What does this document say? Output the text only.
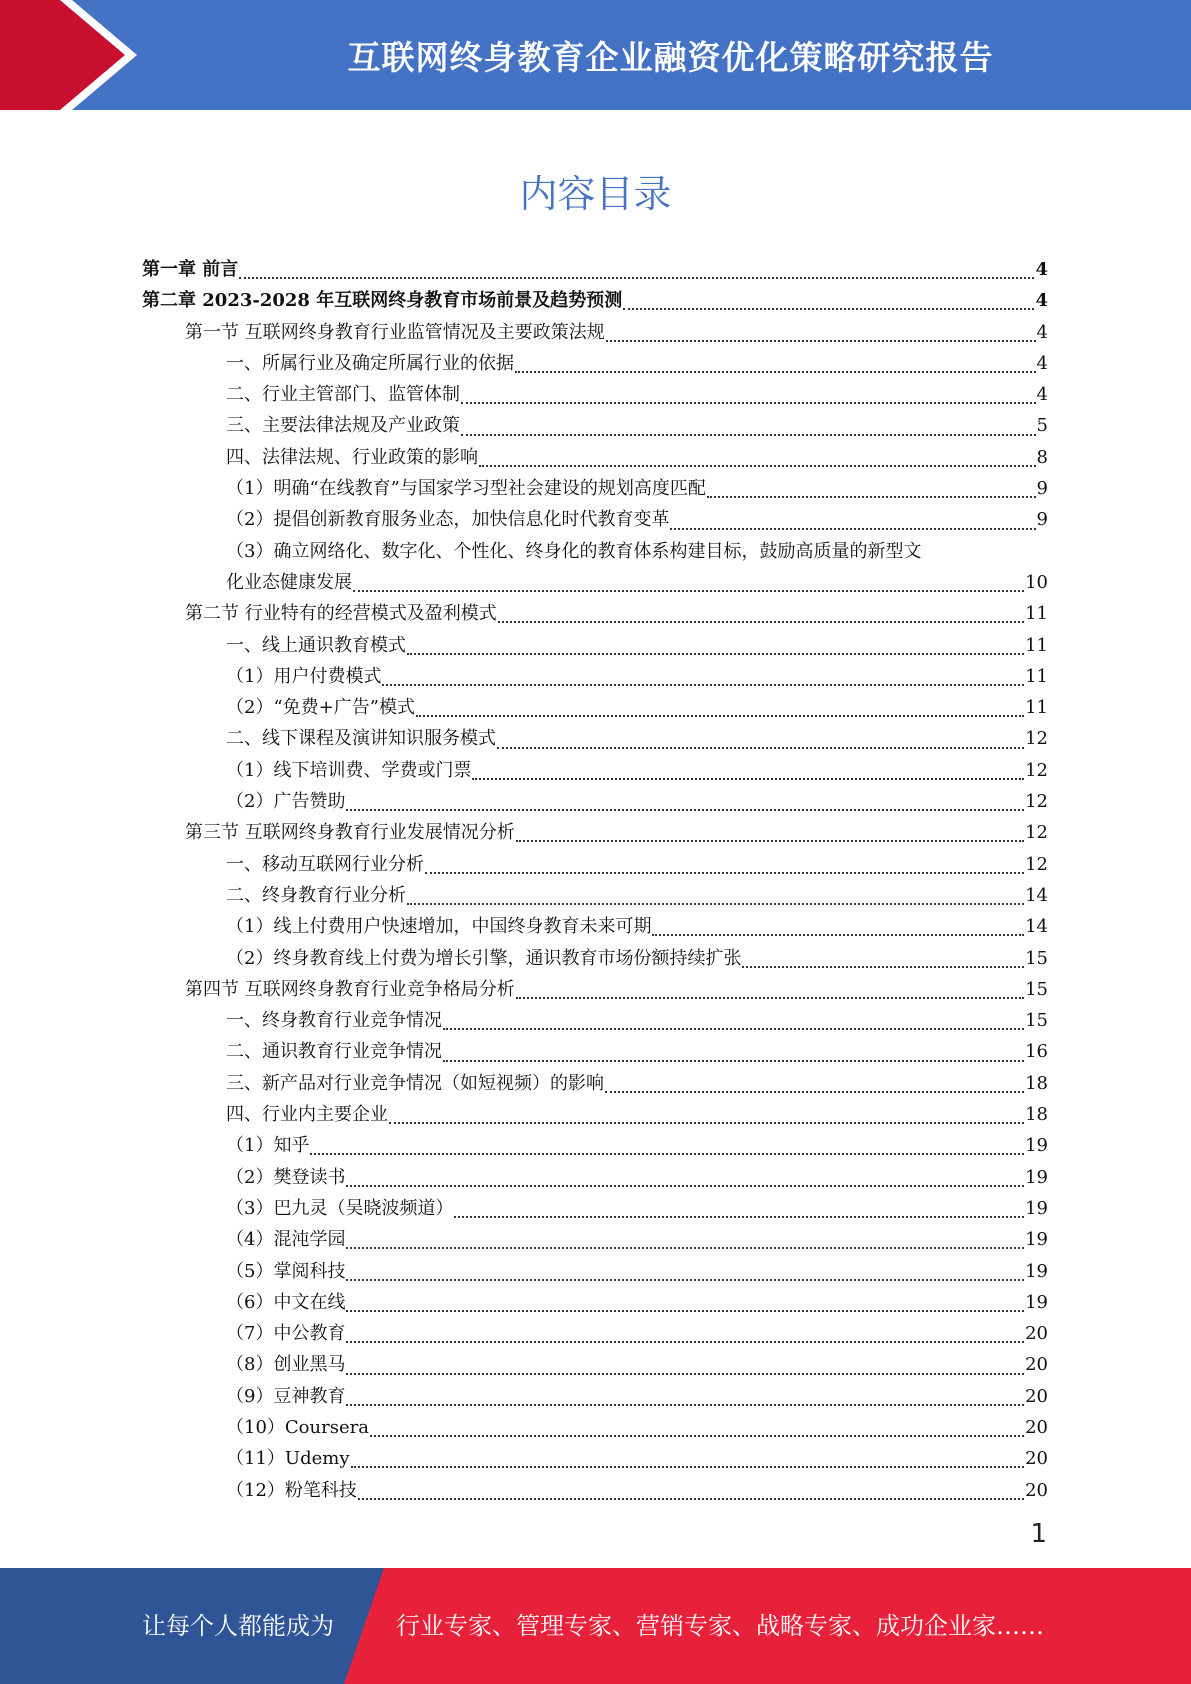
互联网终身教育企业融资优化策略研究报告
内容目录
第一章 前言	4
第二章 2023-2028 年互联网终身教育市场前景及趋势预测	4
第一节 互联网终身教育行业监管情况及主要政策法规	4
一、所属行业及确定所属行业的依据	4
二、行业主管部门、监管体制	4
三、主要法律法规及产业政策	5
四、法律法规、行业政策的影响	8
（1）明确“在线教育”与国家学习型社会建设的规划高度匹配	9
（2）提倡创新教育服务业态，加快信息化时代教育变革	9
（3）确立网络化、数字化、个性化、终身化的教育体系构建目标，鼓励高质量的新型文
化业态健康发展	10
第二节 行业特有的经营模式及盈利模式	11
一、线上通识教育模式	11
（1）用户付费模式	11
（2）“免费+广告”模式	11
二、线下课程及演讲知识服务模式	12
（1）线下培训费、学费或门票	12
（2）广告赞助	12
第三节 互联网终身教育行业发展情况分析	12
一、移动互联网行业分析	12
二、终身教育行业分析	14
（1）线上付费用户快速增加，中国终身教育未来可期	14
（2）终身教育线上付费为增长引擎，通识教育市场份额持续扩张	15
第四节 互联网终身教育行业竞争格局分析	15
一、终身教育行业竞争情况	15
二、通识教育行业竞争情况	16
三、新产品对行业竞争情况（如短视频）的影响	18
四、行业内主要企业	18
（1）知乎	19
（2）樊登读书	19
（3）巴九灵（吴晓波频道）	19
（4）混沌学园	19
（5）掌阅科技	19
（6）中文在线	19
（7）中公教育	20
（8）创业黑马	20
（9）豆神教育	20
（10）Coursera	20
（11）Udemy	20
（12）粉笔科技	20
1
让每个人都能成为	行业专家、管理专家、营销专家、战略专家、成功企业家……
